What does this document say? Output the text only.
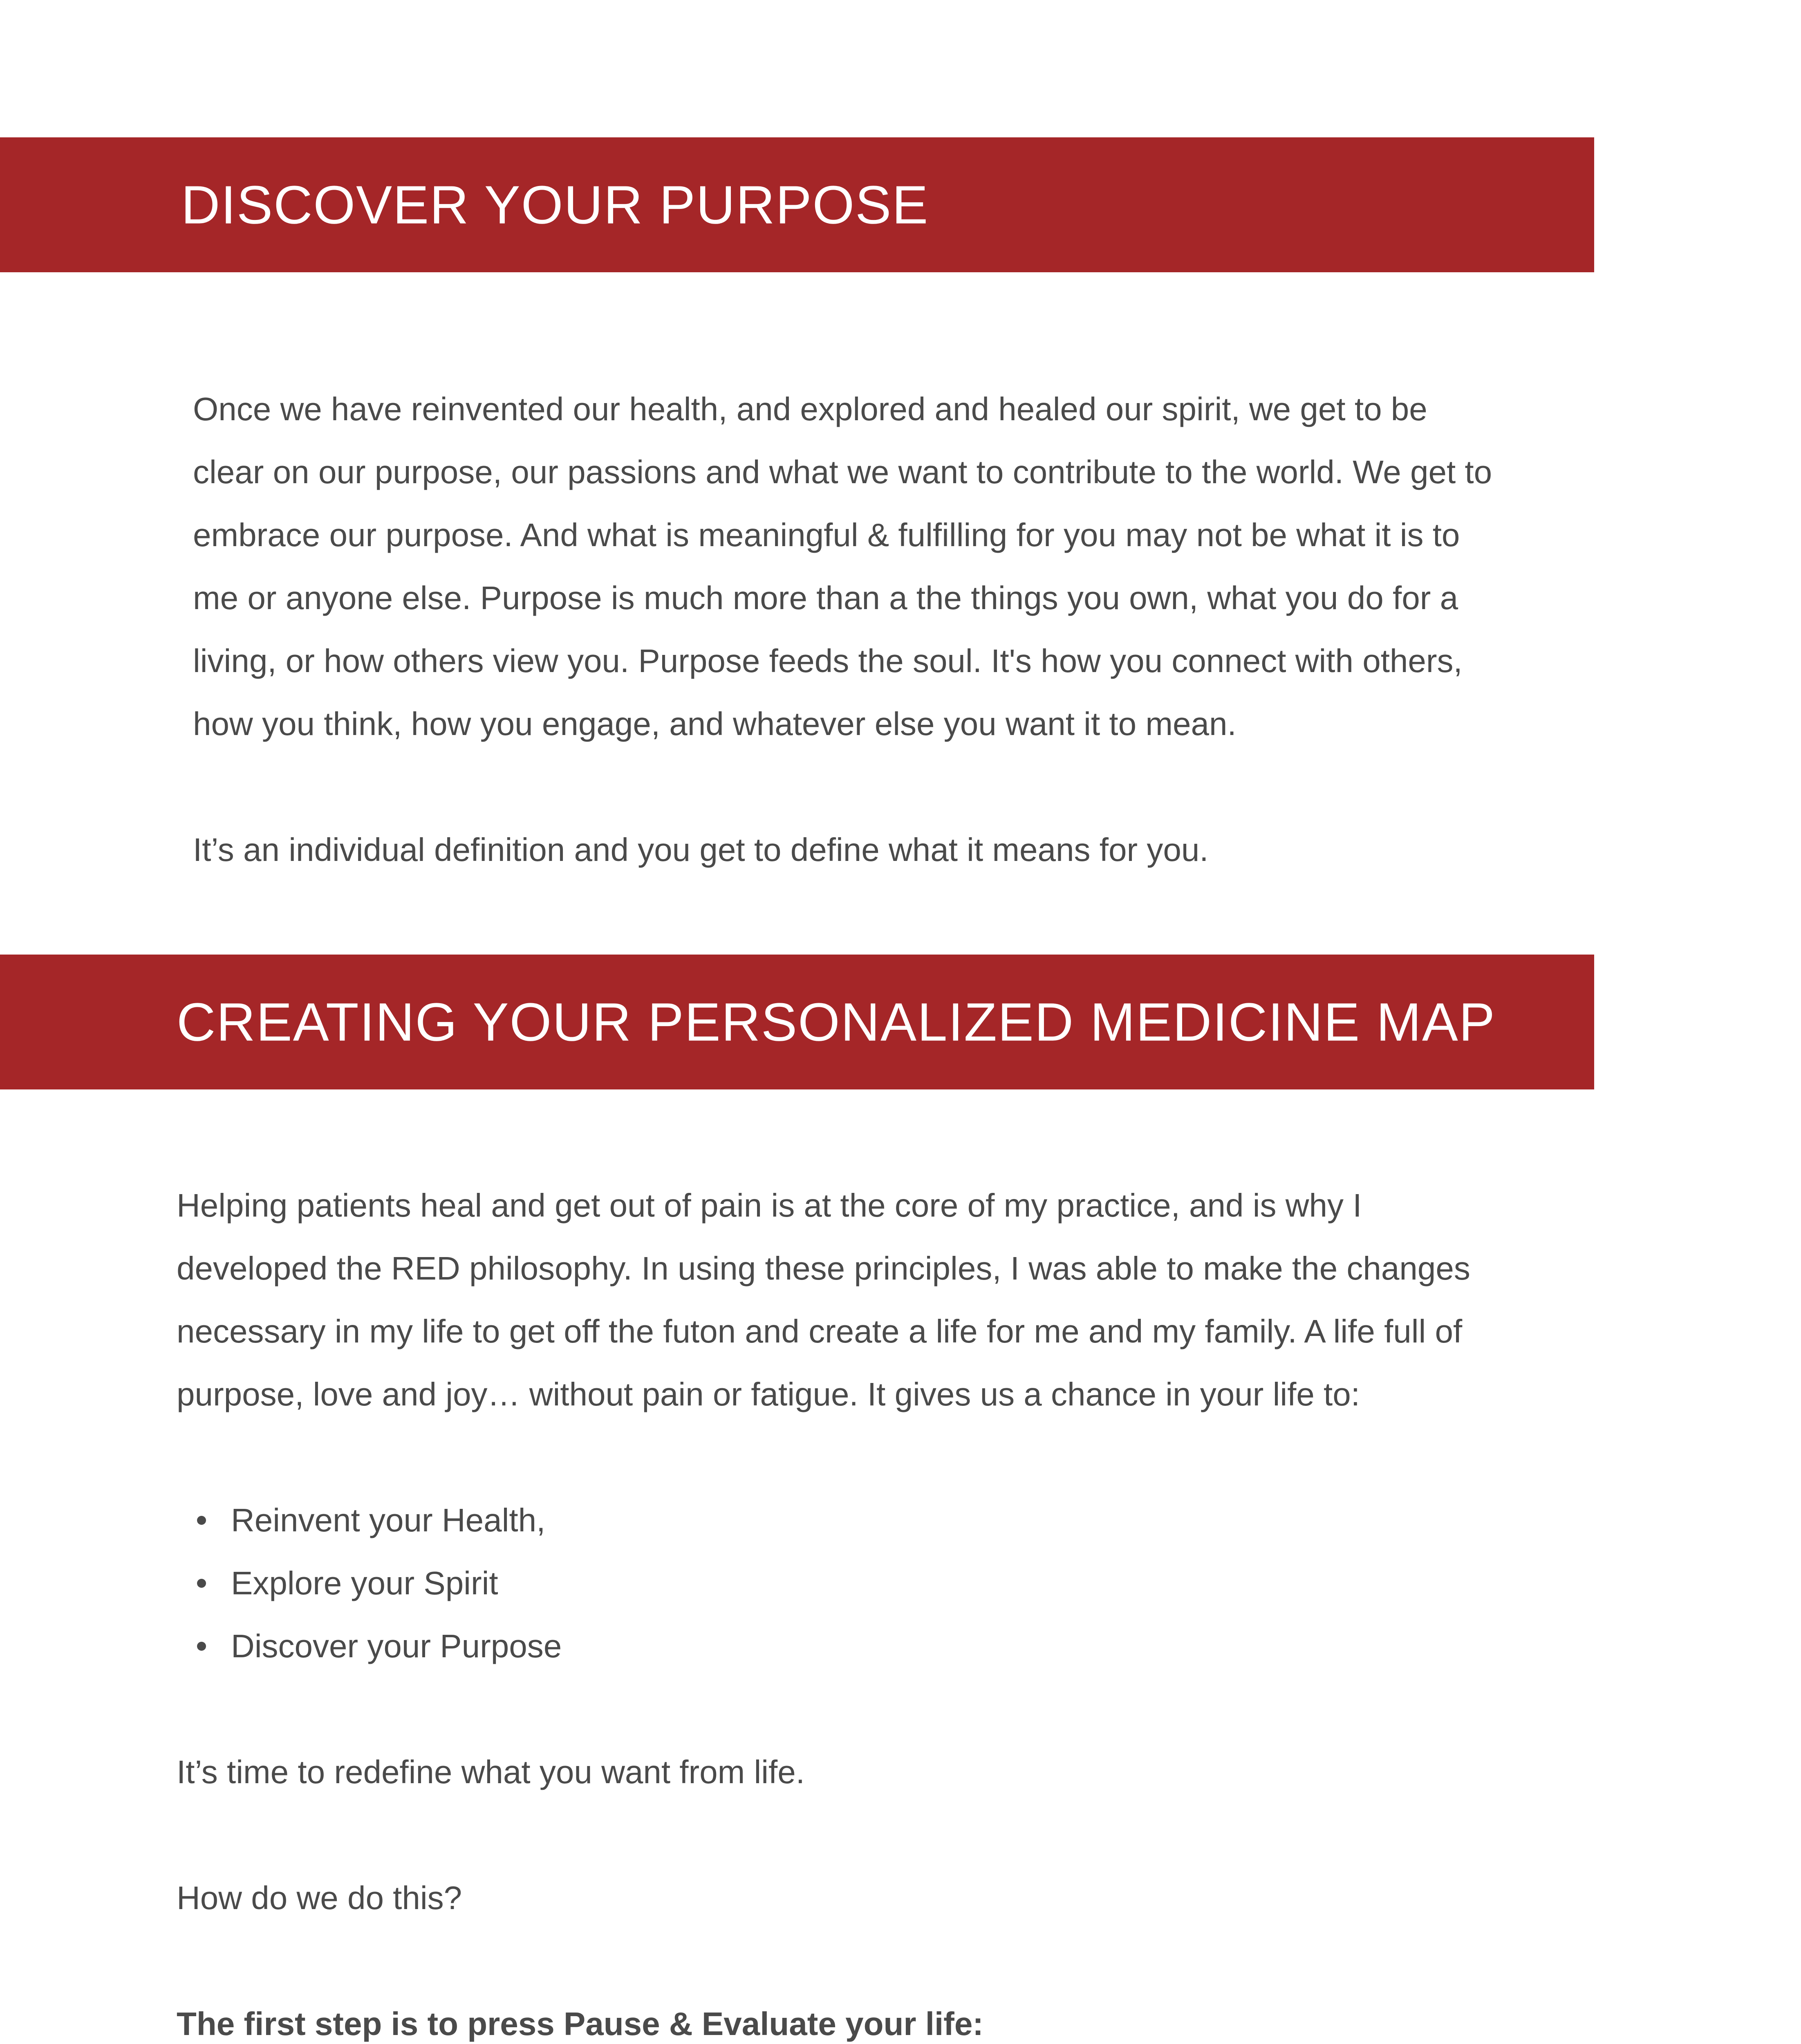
DISCOVER YOUR PURPOSE

Once we have reinvented our health, and explored and healed our spirit, we get to be

clear on our purpose, our passions and what we want to contribute to the world. We get to

embrace our purpose. And what is meaningful & fulfilling for you may not be what it is to

me or anyone else. Purpose is much more than a the things you own, what you do for a

living, or how others view you. Purpose feeds the soul. It's how you connect with others,

how you think, how you engage, and whatever else you want it to mean.

It’s an individual definition and you get to define what it means for you.

CREATING YOUR PERSONALIZED MEDICINE MAP

Helping patients heal and get out of pain is at the core of my practice, and is why I

developed the RED philosophy. In using these principles, I was able to make the changes

necessary in my life to get off the futon and create a life for me and my family. A life full of

purpose, love and joy… without pain or fatigue. It gives us a chance in your life to:

Reinvent your Health,
Explore your Spirit
Discover your Purpose

It’s time to redefine what you want from life.

How do we do this?

The first step is to press Pause & Evaluate your life:
